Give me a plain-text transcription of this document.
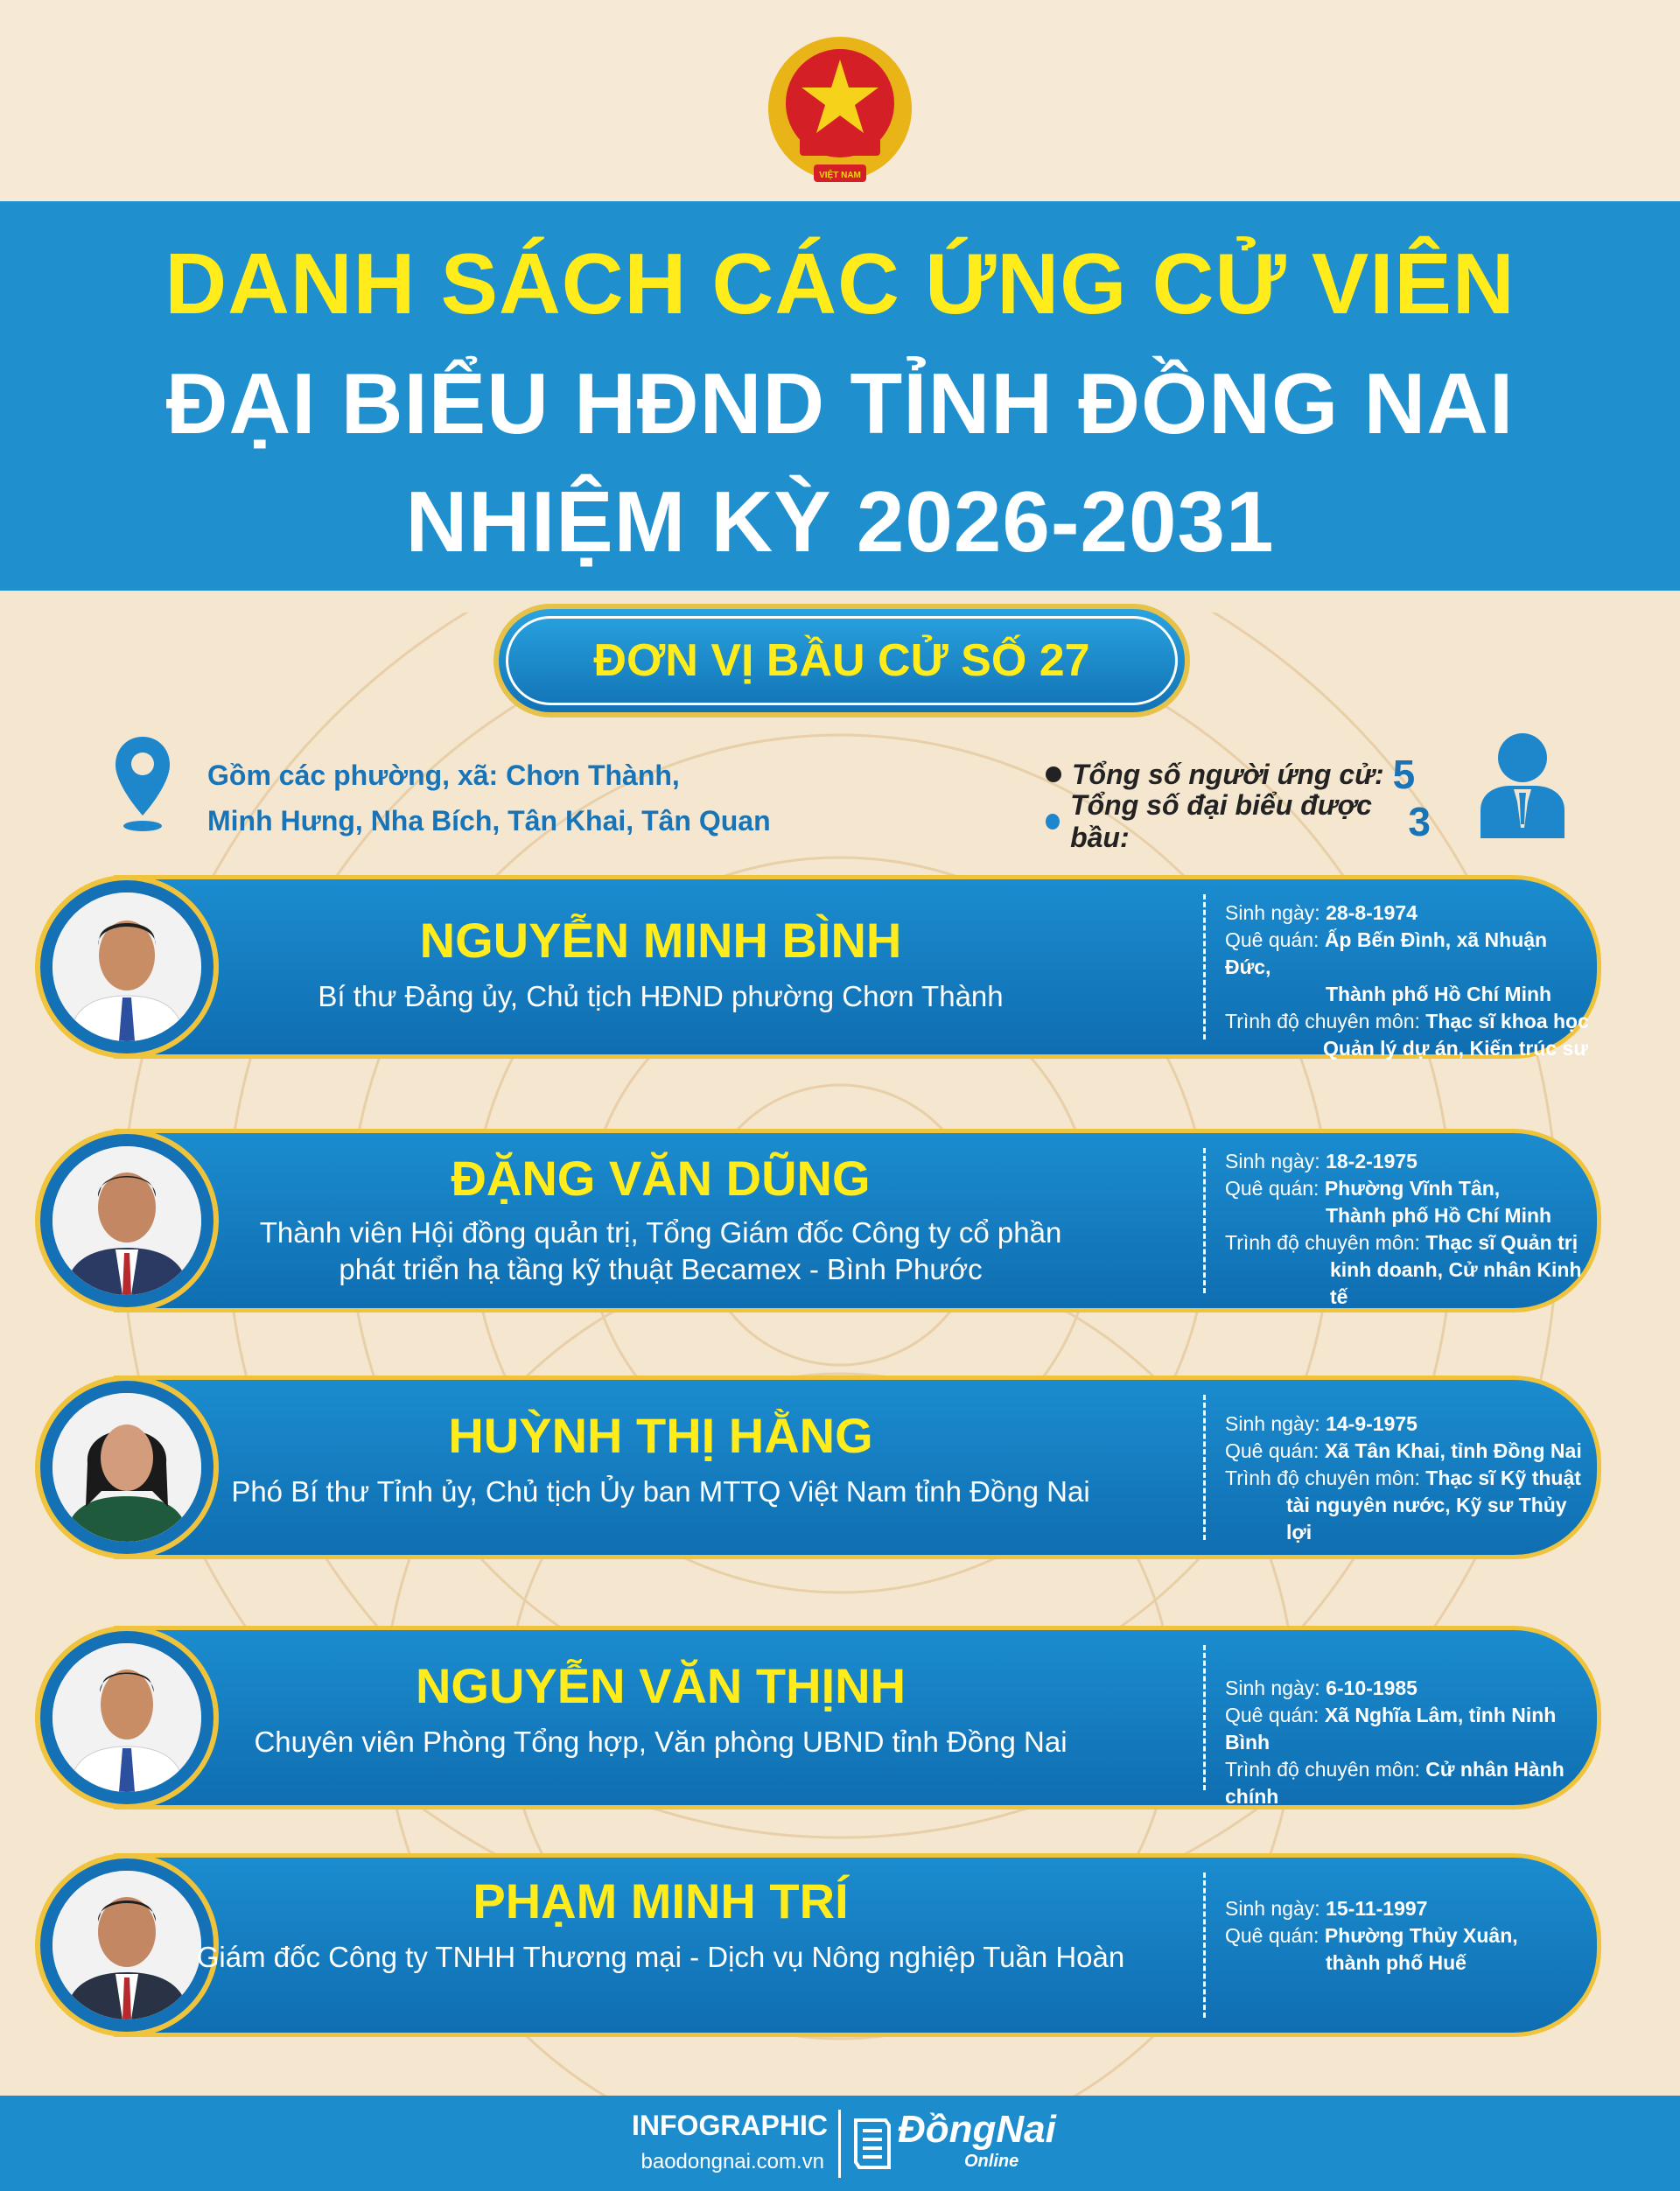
VIỆT NAM
DANH SÁCH CÁC ỨNG CỬ VIÊN
ĐẠI BIỂU HĐND TỈNH ĐỒNG NAI
NHIỆM KỲ 2026-2031
ĐƠN VỊ BẦU CỬ SỐ 27
Gồm các phường, xã: Chơn Thành,
Minh Hưng, Nha Bích, Tân Khai, Tân Quan
Tổng số người ứng cử: 5
Tổng số đại biểu được bầu:	3
NGUYỄN MINH BÌNH
Bí thư Đảng ủy, Chủ tịch HĐND phường Chơn Thành
Sinh ngày: 28-8-1974
Quê quán: Ấp Bến Đình, xã Nhuận Đức,
Thành phố Hồ Chí Minh
Trình độ chuyên môn: Thạc sĩ khoa học
Quản lý dự án, Kiến trúc sư
ĐẶNG VĂN DŨNG
Thành viên Hội đồng quản trị, Tổng Giám đốc Công ty cổ phần
phát triển hạ tầng kỹ thuật Becamex - Bình Phước
Sinh ngày: 18-2-1975
Quê quán: Phường Vĩnh Tân,
Thành phố Hồ Chí Minh
Trình độ chuyên môn: Thạc sĩ Quản trị
kinh doanh, Cử nhân Kinh tế
HUỲNH THỊ HẰNG
Phó Bí thư Tỉnh ủy, Chủ tịch Ủy ban MTTQ Việt Nam tỉnh Đồng Nai
Sinh ngày: 14-9-1975
Quê quán: Xã Tân Khai, tỉnh Đồng Nai
Trình độ chuyên môn: Thạc sĩ Kỹ thuật
tài nguyên nước, Kỹ sư Thủy lợi
NGUYỄN VĂN THỊNH
Chuyên viên Phòng Tổng hợp, Văn phòng UBND tỉnh Đồng Nai
Sinh ngày: 6-10-1985
Quê quán: Xã Nghĩa Lâm, tỉnh Ninh Bình
Trình độ chuyên môn: Cử nhân Hành chính
PHẠM MINH TRÍ
Giám đốc Công ty TNHH Thương mại - Dịch vụ Nông nghiệp Tuần Hoàn
Sinh ngày: 15-11-1997
Quê quán: Phường Thủy Xuân,
thành phố Huế
INFOGRAPHIC
baodongnai.com.vn
ĐồngNai
Online
